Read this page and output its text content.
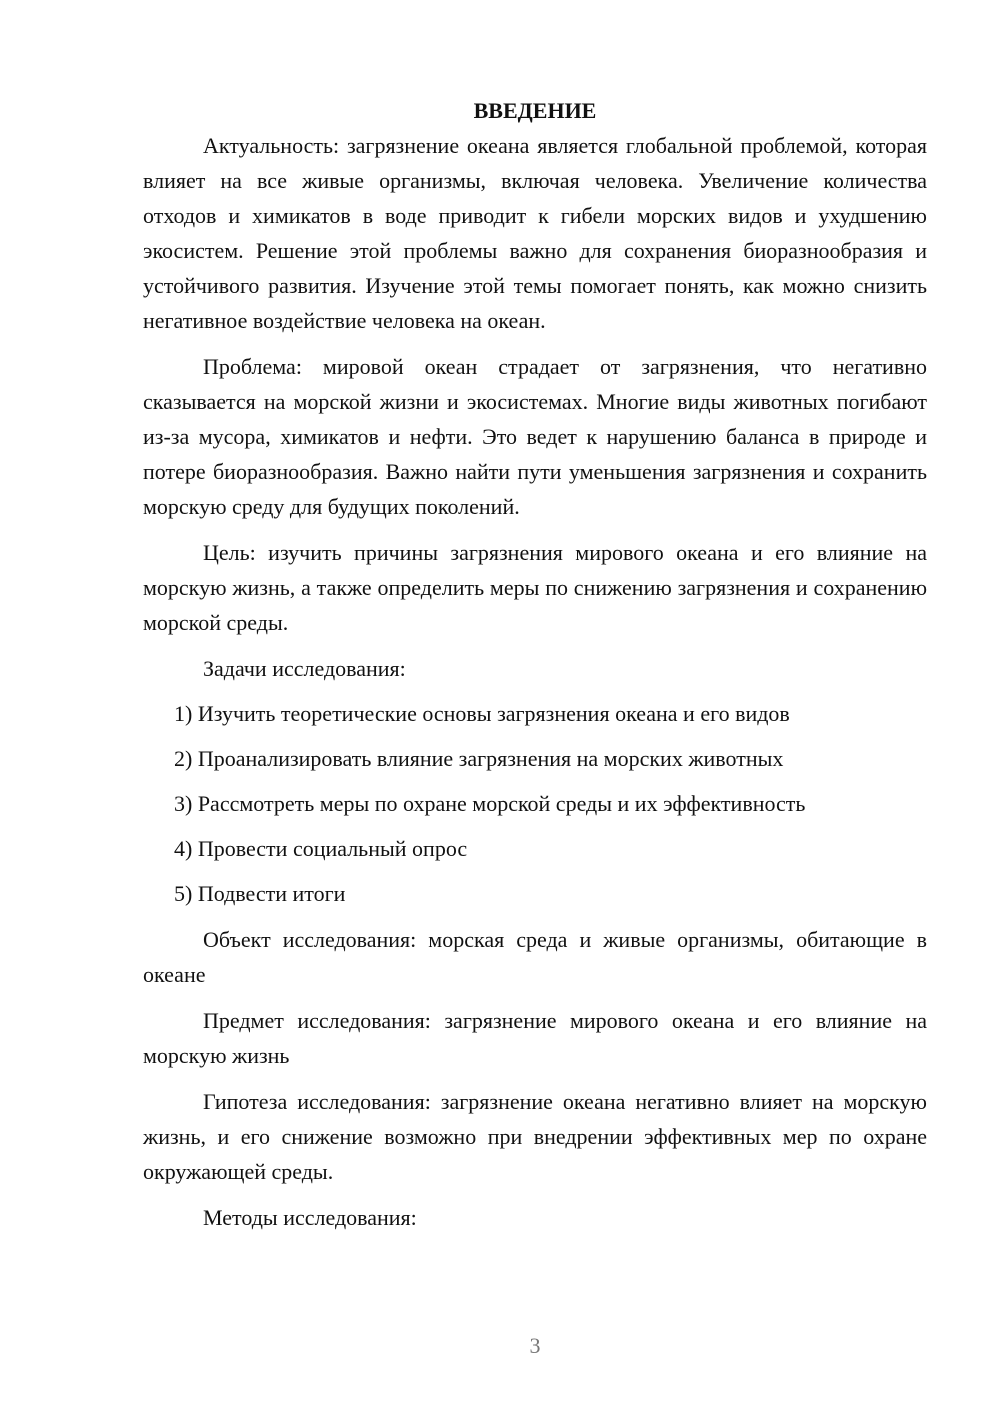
ВВЕДЕНИЕ

Актуальность: загрязнение океана является глобальной проблемой, которая влияет на все живые организмы, включая человека. Увеличение количества отходов и химикатов в воде приводит к гибели морских видов и ухудшению экосистем. Решение этой проблемы важно для сохранения биоразнообразия и устойчивого развития. Изучение этой темы помогает понять, как можно снизить негативное воздействие человека на океан.

Проблема: мировой океан страдает от загрязнения, что негативно сказывается на морской жизни и экосистемах. Многие виды животных погибают из-за мусора, химикатов и нефти. Это ведет к нарушению баланса в природе и потере биоразнообразия. Важно найти пути уменьшения загрязнения и сохранить морскую среду для будущих поколений.

Цель: изучить причины загрязнения мирового океана и его влияние на морскую жизнь, а также определить меры по снижению загрязнения и сохранению морской среды.

Задачи исследования:

1) Изучить теоретические основы загрязнения океана и его видов
2) Проанализировать влияние загрязнения на морских животных
3) Рассмотреть меры по охране морской среды и их эффективность
4) Провести социальный опрос
5) Подвести итоги

Объект исследования: морская среда и живые организмы, обитающие в океане

Предмет исследования: загрязнение мирового океана и его влияние на морскую жизнь

Гипотеза исследования: загрязнение океана негативно влияет на морскую жизнь, и его снижение возможно при внедрении эффективных мер по охране окружающей среды.

Методы исследования:

3
